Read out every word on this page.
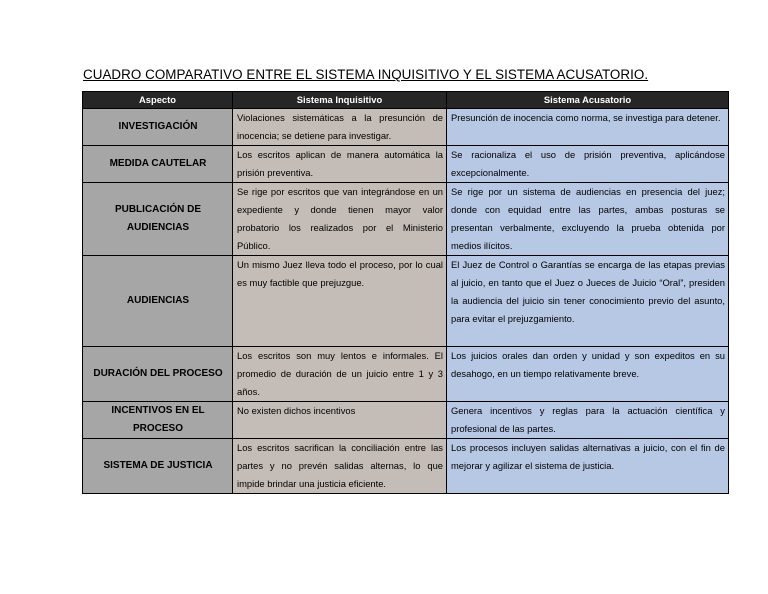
CUADRO COMPARATIVO ENTRE EL SISTEMA INQUISITIVO Y EL SISTEMA ACUSATORIO.
Aspecto	Sistema Inquisitivo	Sistema Acusatorio
INVESTIGACIÓN	Violaciones sistemáticas a la presunción de inocencia; se detiene para investigar.	Presunción de inocencia como norma, se investiga para detener.
MEDIDA CAUTELAR	Los escritos aplican de manera automática la prisión preventiva.	Se racionaliza el uso de prisión preventiva, aplicándose excepcionalmente.
PUBLICACIÓN DE AUDIENCIAS	Se rige por escritos que van integrándose en un expediente y donde tienen mayor valor probatorio los realizados por el Ministerio Público.	Se rige por un sistema de audiencias en presencia del juez; donde con equidad entre las partes, ambas posturas se presentan verbalmente, excluyendo la prueba obtenida por medios ilícitos.
AUDIENCIAS	Un mismo Juez lleva todo el proceso, por lo cual es muy factible que prejuzgue.	El Juez de Control o Garantías se encarga de las etapas previas al juicio, en tanto que el Juez o Jueces de Juicio “Oral”, presiden la audiencia del juicio sin tener conocimiento previo del asunto, para evitar el prejuzgamiento.
DURACIÓN DEL PROCESO	Los escritos son muy lentos e informales. El promedio de duración de un juicio entre 1 y 3 años.	Los juicios orales dan orden y unidad y son expeditos en su desahogo, en un tiempo relativamente breve.
INCENTIVOS EN EL PROCESO	No existen dichos incentivos	Genera incentivos y reglas para la actuación científica y profesional de las partes.
SISTEMA DE JUSTICIA	Los escritos sacrifican la conciliación entre las partes y no prevén salidas alternas, lo que impide brindar una justicia eficiente.	Los procesos incluyen salidas alternativas a juicio, con el fin de mejorar y agilizar el sistema de justicia.
